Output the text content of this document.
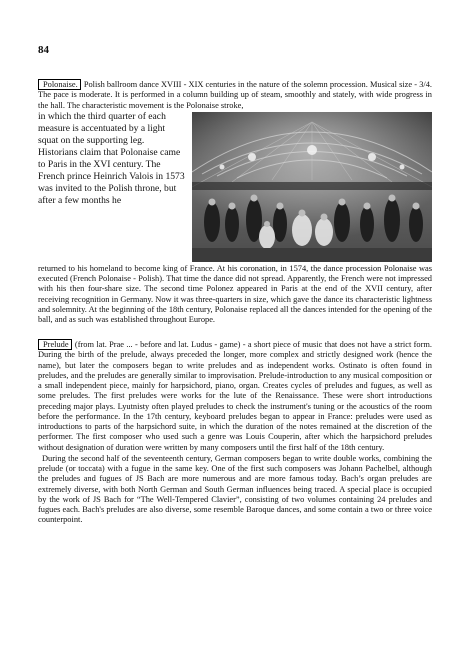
84
Polonaise. Polish ballroom dance XVIII - XIX centuries in the nature of the solemn procession. Musical size - 3/4. The pace is moderate. It is performed in a column building up of steam, smoothly and stately, with wide progress in the hall. The characteristic movement is the Polonaise stroke,
in which the third quarter of each measure is accentuated by a light squat on the supporting leg. Historians claim that Polonaise came to Paris in the XVI century. The French prince Heinrich Valois in 1573 was invited to the Polish throne, but after a few months he
returned to his homeland to become king of France. At his coronation, in 1574, the dance procession Polonaise was executed (French Polonaise - Polish). That time the dance did not spread. Apparently, the French were not impressed with his then four-share size. The second time Polonez appeared in Paris at the end of the XVII century, after receiving recognition in Germany. Now it was three-quarters in size, which gave the dance its characteristic lightness and solemnity. At the beginning of the 18th century, Polonaise replaced all the dances intended for the opening of the ball, and as such was established throughout Europe.

Prelude (from lat. Prae ... - before and lat. Ludus - game) - a short piece of music that does not have a strict form. During the birth of the prelude, always preceded the longer, more complex and strictly designed work (hence the name), but later the composers began to write preludes and as independent works. Ostinato is often found in preludes, and the preludes are generally similar to improvisation. Prelude-introduction to any musical composition or a small independent piece, mainly for harpsichord, piano, organ. Creates cycles of preludes and fugues, as well as some preludes. The first preludes were works for the lute of the Renaissance. These were short introductions preceding major plays. Lyutnisty often played preludes to check the instrument's tuning or the acoustics of the room before the performance. In the 17th century, keyboard preludes began to appear in France: preludes were used as introductions to parts of the harpsichord suite, in which the duration of the notes remained at the discretion of the performer. The first composer who used such a genre was Louis Couperin, after which the harpsichord preludes without designation of duration were written by many composers until the first half of the 18th century.

During the second half of the seventeenth century, German composers began to write double works, combining the prelude (or toccata) with a fugue in the same key. One of the first such composers was Johann Pachelbel, although the preludes and fugues of JS Bach are more numerous and are more famous today. Bach’s organ preludes are extremely diverse, with both North German and South German influences being traced. A special place is occupied by the work of JS Bach for “The Well-Tempered Clavier”, consisting of two volumes containing 24 preludes and fugues each. Bach's preludes are also diverse, some resemble Baroque dances, and some contain a two or three voice counterpoint.
